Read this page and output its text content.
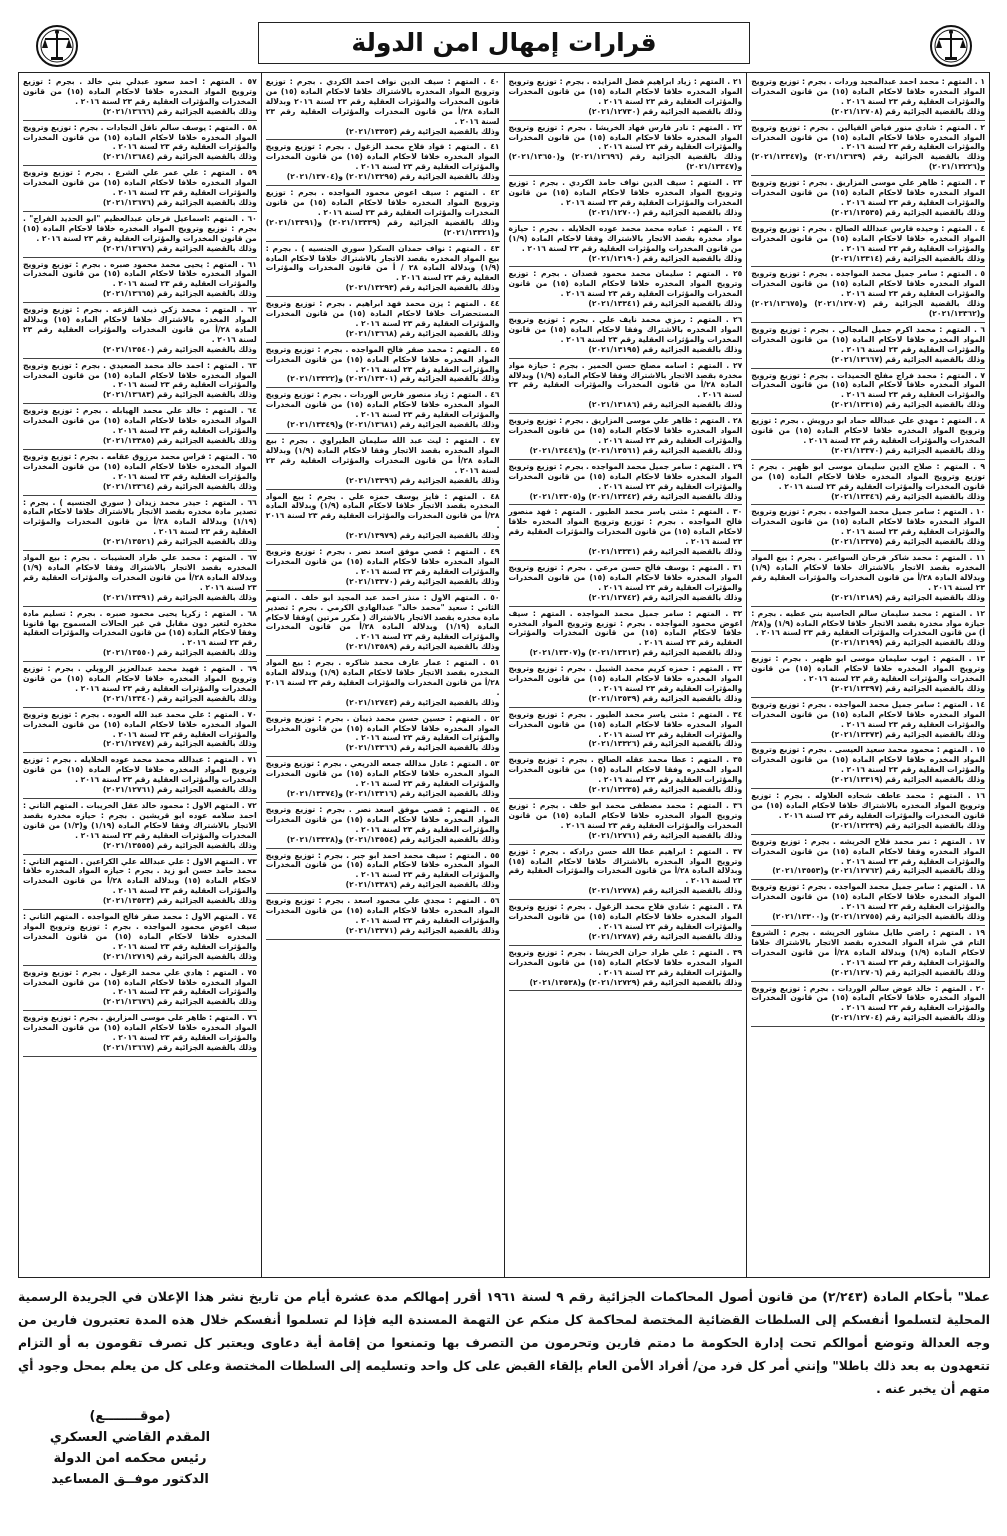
قرارات إمهال امن الدولة
١ . المتهم : محمد احمد عبدالمجيد وردات . بجرم : توزيع وترويج المواد المخدره خلافا لاحكام المادة (١٥) من قانون المخدرات والمؤثرات العقلية رقم ٢٣ لسنة ٢٠١٦ .
وذلك بالقضية الجزائية رقم (٢٠٢١/١٢٧٠٨)
٢ . المتهم : شادي منور فياض الفيالين . بجرم : توزيع وترويج المواد المخدره خلافا لاحكام المادة (١٥) من قانون المخدرات والمؤثرات العقلية رقم ٢٣ لسنة ٢٠١٦ .
وذلك بالقضية الجزائية رقم (٢٠٢١/١٣٦٣٩) و(٢٠٢١/١٣٣٤٧) و(٢٠٢١/١٣٢٢٦)
٣ . المتهم : ظاهر علي موسى المزاريق . بجرم : توزيع وترويج المواد المخدره خلافا لاحكام المادة (١٥) من قانون المخدرات والمؤثرات العقلية رقم ٢٣ لسنة ٢٠١٦ .
وذلك بالقضية الجزائية رقم (٢٠٢١/١٣٥٣٥)
٤ . المتهم : وحيده فارس عبدالله الصالح . بجرم : توزيع وترويج المواد المخدره خلافا لاحكام المادة (١٥) من قانون المخدرات والمؤثرات العقلية رقم ٢٣ لسنة ٢٠١٦ .
وذلك بالقضية الجزائية رقم (٢٠٢١/١٣٣١٤)
٥ . المتهم : سامر جميل محمد المواجده . بجرم : توزيع وترويج المواد المخدره خلافا لاحكام المادة (١٥) من قانون المخدرات والمؤثرات العقلية رقم ٢٣ لسنة ٢٠١٦ .
وذلك بالقضية الجزائية رقم (٢٠٢١/١٢٧٠٧) و(٢٠٢١/١٣٦٧٥) و(٢٠٢١/١٣٣٦٢)
٦ . المتهم : محمد اكرم جميل المجالي . بجرم : توزيع وترويج المواد المخدره خلافا لاحكام المادة (١٥) من قانون المخدرات والمؤثرات العقلية رقم ٢٣ لسنة ٢٠١٦ .
وذلك بالقضية الجزائية رقم (٢٠٢١/١٣٦٦٧)
٧ . المتهم : محمد فراج مفلح الحميدات . بجرم : توزيع وترويج المواد المخدره خلافا لاحكام المادة (١٥) من قانون المخدرات والمؤثرات العقلية رقم ٢٣ لسنة ٢٠١٦ .
وذلك بالقضية الجزائية رقم (٢٠٢١/١٣٣١٥)
٨ . المتهم : مهدي علي عبدالله حماد ابو درويش . بجرم : توزيع وترويج المواد المخدره خلافا لاحكام المادة (١٥) من قانون المخدرات والمؤثرات العقلية رقم ٢٣ لسنة ٢٠١٦ .
وذلك بالقضية الجزائية رقم (٢٠٢١/١٣٣٧٠)
٩ . المتهم : صلاح الدين سليمان موسى ابو ظهير . بجرم : توزيع وترويج المواد المخدره خلافا لاحكام المادة (١٥) من قانون المخدرات والمؤثرات العقلية رقم ٢٣ لسنة ٢٠١٦ .
وذلك بالقضية الجزائية رقم (٢٠٢١/١٣٣٤٦)
١٠ . المتهم : سامر جميل محمد المواجده . بجرم : توزيع وترويج المواد المخدره خلافا لاحكام المادة (١٥) من قانون المخدرات والمؤثرات العقلية رقم ٢٣ لسنة ٢٠١٦ .
وذلك بالقضية الجزائية رقم (٢٠٢١/١٣٣٧٥)
١١ . المتهم : محمد شاكر فرحان السواعير . بجرم : بيع المواد المخدره بقصد الاتجار بالاشتراك خلافا لاحكام المادة (١/٩) وبدلالة المادة ٢٨/أ من قانون المخدرات والمؤثرات العقلية رقم ٢٣ لسنة ٢٠١٦ .
وذلك بالقضية الجزائية رقم (٢٠٢١/١٣١٨٩)
١٢ . المتهم : محمد سليمان سالم الحاسية بني عطيه . بجرم : حيازة مواد مخدرة بقصد الاتجار خلافا لاحكام المادة (١/٩) و(٢٨/أ) من قانون المخدرات والمؤثرات العقلية رقم ٢٣ لسنة ٢٠١٦ .
وذلك بالقضية الجزائية رقم (٢٠٢١/١٣١٩٩)
١٣ . المتهم : ايوب سليمان موسى ابو ظهير . بجرم : توزيع وترويج المواد المخدره خلافا لاحكام المادة (١٥) من قانون المخدرات والمؤثرات العقلية رقم ٢٣ لسنة ٢٠١٦ .
وذلك بالقضية الجزائية رقم (٢٠٢١/١٣٣٩٧)
١٤ . المتهم : سامر جميل محمد المواجده . بجرم : توزيع وترويج المواد المخدره خلافا لاحكام المادة (١٥) من قانون المخدرات والمؤثرات العقلية رقم ٢٣ لسنة ٢٠١٦ .
وذلك بالقضية الجزائية رقم (٢٠٢١/١٣٣٧٣)
١٥ . المتهم : محمود محمد سعيد العيسى . بجرم : توزيع وترويج المواد المخدره خلافا لاحكام المادة (١٥) من قانون المخدرات والمؤثرات العقلية رقم ٢٣ لسنة ٢٠١٦ .
وذلك بالقضية الجزائية رقم (٢٠٢١/١٣٣١٩)
١٦ . المتهم : محمد عاطف شحاده العلاوله . بجرم : توزيع وترويج المواد المخدره بالاشتراك خلافا لاحكام المادة (١٥) من قانون المخدرات والمؤثرات العقلية رقم ٢٣ لسنة ٢٠١٦ .
وذلك بالقضية الجزائية رقم (٢٠٢١/١٣٢٣٩)
١٧ . المتهم : نمر محمد فلاح الخريشه . بجرم : توزيع وترويج المواد المخدره وفقا لاحكام المادة (١٥) من قانون المخدرات والمؤثرات العقلية رقم ٢٣ لسنة ٢٠١٦ .
وذلك بالقضية الجزائية رقم (٢٠٢١/١٢٧٦٢) و(٢٠٢١/١٣٥٥٣)
١٨ . المتهم : سامر جميل محمد المواجده . بجرم : توزيع وترويج المواد المخدره خلافا لاحكام المادة (١٥) من قانون المخدرات والمؤثرات العقلية رقم ٢٣ لسنة ٢٠١٦ .
وذلك بالقضية الجزائية رقم (٢٠٢١/١٢٧٥٥) و(٢٠٢١/١٣٣٠٠)
١٩ . المتهم : راضي طايل مشاور الخريشه . بجرم : الشروع التام في شراء المواد المخدره بقصد الاتجار بالاشتراك خلافا لاحكام المادة (١/٩) وبدلالة المادة ٢٨/أ من قانون المخدرات والمؤثرات العقلية رقم ٢٣ لسنة ٢٠١٦ .
وذلك بالقضية الجزائية رقم (٢٠٢١/١٢٧٠٦)
٢٠ . المتهم : خالد عوض سالم الوردات . بجرم : توزيع وترويج المواد المخدره خلافا لاحكام المادة (١٥) من قانون المخدرات والمؤثرات العقلية رقم ٢٣ لسنة ٢٠١٦ .
وذلك بالقضية الجزائية رقم (٢٠٢١/١٢٧٠٤)
٢١ . المتهم : زياد ابراهيم فضل المزايده . بجرم : توزيع وترويج المواد المخدره خلافا لاحكام المادة (١٥) من قانون المخدرات والمؤثرات العقلية رقم ٢٣ لسنة ٢٠١٦ .
وذلك بالقضية الجزائية رقم (٢٠٢١/١٢٧٣٠)
٢٢ . المتهم : نادر فارس فهاد الخريشا . بجرم : توزيع وترويج المواد المخدره خلافا لاحكام المادة (١٥) من قانون المخدرات والمؤثرات العقلية رقم ٢٣ لسنة ٢٠١٦ .
وذلك بالقضية الجزائية رقم (٢٠٢١/١٢٦٩٦) و(٢٠٢١/١٣٦٥٠) و(٢٠٢١/١٣٣٤٧)
٢٣ . المتهم : سيف الدين نواف حامد الكردي . بجرم : توزيع وترويج المواد المخدره خلافا لاحكام المادة (١٥) من قانون المخدرات والمؤثرات العقلية رقم ٢٣ لسنة ٢٠١٦ .
وذلك بالقضية الجزائية رقم (٢٠٢١/١٢٧٠٠)
٢٤ . المتهم : عباده محمد محمد عوده الخلايله . بجرم : حيازة مواد مخدرة بقصد الاتجار بالاشتراك وفقا لاحكام المادة (١/٩) من قانون المخدرات والمؤثرات العقلية رقم ٢٣ لسنة ٢٠١٦ .
وذلك بالقضية الجزائية رقم (٢٠٢١/١٣١٩٠)
٢٥ . المتهم : سليمان محمد محمود قصدان . بجرم : توزيع وترويج المواد المخدره خلافا لاحكام المادة (١٥) من قانون المخدرات والمؤثرات العقلية رقم ٢٣ لسنة ٢٠١٦ .
وذلك بالقضية الجزائية رقم (٢٠٢١/١٣٣٤١)
٢٦ . المتهم : رمزي محمد نايف علي . بجرم : توزيع وترويج المواد المخدره بالاشتراك وفقا لاحكام المادة (١٥) من قانون المخدرات والمؤثرات العقلية رقم ٢٣ لسنة ٢٠١٦ .
وذلك بالقضية الجزائية رقم (٢٠٢١/١٣١٩٥)
٢٧ . المتهم : اسامه مصلح حسن الحمير . بجرم : حيازة مواد مخدرة بقصد الاتجار بالاشتراك وفقا لاحكام المادة (١/٩) وبدلالة المادة ٢٨/أ من قانون المخدرات والمؤثرات العقلية رقم ٢٣ لسنة ٢٠١٦ .
وذلك بالقضية الجزائية رقم (٢٠٢١/١٣١٨٦)
٢٨ . المتهم : ظاهر علي موسى المزاريق . بجرم : توزيع وترويج المواد المخدره خلافا لاحكام المادة (١٥) من قانون المخدرات والمؤثرات العقلية رقم ٢٣ لسنة ٢٠١٦ .
وذلك بالقضية الجزائية رقم (٢٠٢١/١٣٥٦١) و(٢٠٢١/١٣٤٤٦)
٢٩ . المتهم : سامر جميل محمد المواجده . بجرم : توزيع وترويج المواد المخدره خلافا لاحكام المادة (١٥) من قانون المخدرات والمؤثرات العقلية رقم ٢٣ لسنة ٢٠١٦ .
وذلك بالقضية الجزائية رقم (٢٠٢١/١٣٣٤٢) و(٢٠٢١/١٣٣٠٥)
٣٠ . المتهم : مثنى ياسر محمد الطيور . المتهم : فهد منصور فالح المواجده . بجرم : توزيع وترويج المواد المخدره خلافا لاحكام المادة (١٥) من قانون المخدرات والمؤثرات العقلية رقم ٢٣ لسنة ٢٠١٦ .
وذلك بالقضية الجزائية رقم (٢٠٢١/١٣٣٣١)
٣١ . المتهم : يوسف فالح حسن مرعي . بجرم : توزيع وترويج المواد المخدره خلافا لاحكام المادة (١٥) من قانون المخدرات والمؤثرات العقلية رقم ٢٣ لسنة ٢٠١٦ .
وذلك بالقضية الجزائية رقم (٢٠٢١/١٣٧٤٢)
٣٢ . المتهم : سامر جميل محمد المواجده . المتهم : سيف اعوض محمود المواجده . بجرم : توزيع وترويج المواد المخدره خلافا لاحكام المادة (١٥) من قانون المخدرات والمؤثرات العقلية رقم ٢٣ لسنة ٢٠١٦ .
وذلك بالقضية الجزائية رقم (٢٠٢١/١٣٣١٣) و(٢٠٢١/١٣٣٠٧)
٣٣ . المتهم : حمزه كريم محمد الشبيل . بجرم : توزيع وترويج المواد المخدره خلافا لاحكام المادة (١٥) من قانون المخدرات والمؤثرات العقلية رقم ٢٣ لسنة ٢٠١٦ .
وذلك بالقضية الجزائية رقم (٢٠٢١/١٣٥٣٩)
٣٤ . المتهم : مثنى ياسر محمد الطيور . بجرم : توزيع وترويج المواد المخدره خلافا لاحكام المادة (١٥) من قانون المخدرات والمؤثرات العقلية رقم ٢٣ لسنة ٢٠١٦ .
وذلك بالقضية الجزائية رقم (٢٠٢١/١٣٣٢٦)
٣٥ . المتهم : عطا محمد عقله الصالح . بجرم : توزيع وترويج المواد المخدره وفقا لاحكام المادة (١٥) من قانون المخدرات والمؤثرات العقلية رقم ٢٣ لسنة ٢٠١٦ .
وذلك بالقضية الجزائية رقم (٢٠٢١/١٣٢٣٥)
٣٦ . المتهم : محمد مصطفى محمد ابو خلف . بجرم : توزيع وترويج المواد المخدره خلافا لاحكام المادة (١٥) من قانون المخدرات والمؤثرات العقلية رقم ٢٣ لسنة ٢٠١٦ .
وذلك بالقضية الجزائية رقم (٢٠٢١/١٢٧٦١)
٣٧ . المتهم : ابراهيم عطا الله حسن درادكه . بجرم : توزيع وترويج المواد المخدره بالاشتراك خلافا لاحكام المادة (١٥) وبدلالة المادة ٢٨/أ من قانون المخدرات والمؤثرات العقلية رقم ٢٣ لسنة ٢٠١٦ .
وذلك بالقضية الجزائية رقم (٢٠٢١/١٢٧٧٨)
٣٨ . المتهم : شادي فلاح محمد الزغول . بجرم : توزيع وترويج المواد المخدره خلافا لاحكام المادة (١٥) من قانون المخدرات والمؤثرات العقلية رقم ٢٣ لسنة ٢٠١٦ .
وذلك بالقضية الجزائية رقم (٢٠٢١/١٢٧٨٧)
٣٩ . المتهم : علي طراد حران الخريشا . بجرم : توزيع وترويج المواد المخدره خلافا لاحكام المادة (١٥) من قانون المخدرات والمؤثرات العقلية رقم ٢٣ لسنة ٢٠١٦ .
وذلك بالقضية الجزائية رقم (٢٠٢١/١٢٧٢٩) و(٢٠٢١/١٣٥٣٨)
٤٠ . المتهم : سيف الدين نواف احمد الكردي . بجرم : توزيع وترويج المواد المخدره بالاشتراك خلافا لاحكام المادة (١٥) من قانون المخدرات والمؤثرات العقلية رقم ٢٣ لسنة ٢٠١٦ وبدلالة المادة ٢٨/أ من قانون المخدرات والمؤثرات العقلية رقم ٢٣ لسنة ٢٠١٦ .
وذلك بالقضية الجزائية رقم (٢٠٢١/١٣٣٥٣)
٤١ . المتهم : فواد فلاح محمد الزغول . بجرم : توزيع وترويج المواد المخدره خلافا لاحكام المادة (١٥) من قانون المخدرات والمؤثرات العقلية رقم ٢٣ لسنة ٢٠١٦ .
وذلك بالقضية الجزائية رقم (٢٠٢١/١٣٢٩٥) و(٢٠٢١/١٣٧٠٤)
٤٢ . المتهم : سيف اعوض محمود المواجده . بجرم : توزيع وترويج المواد المخدره خلافا لاحكام المادة (١٥) من قانون المخدرات والمؤثرات العقلية رقم ٢٣ لسنة ٢٠١٦ .
وذلك بالقضية الجزائية رقم (٢٠٢١/١٣٣٣٩) و(٢٠٢١/١٣٣٩١) و(٢٠٢١/١٣٣٢١)
٤٣ . المتهم : نواف حمدان السكر( سوري الجنسيه ) . بجرم : بيع المواد المخدره بقصد الاتجار بالاشتراك خلافا لاحكام المادة (١/٩) وبدلالة المادة ٢٨ / أ من قانون المخدرات والمؤثرات العقلية رقم ٢٣ لسنة ٢٠١٦ .
وذلك بالقضية الجزائية رقم (٢٠٢١/١٣٢٩٣)
٤٤ . المتهم : يزن محمد فهد ابراهيم . بجرم : توزيع وترويج المستحضرات خلافا لاحكام المادة (١٥) من قانون المخدرات والمؤثرات العقلية رقم ٢٣ لسنة ٢٠١٦ .
وذلك بالقضية الجزائية رقم (٢٠٢١/١٣٦٦٨)
٤٥ . المتهم : محمد صقر فالح المواجده . بجرم : توزيع وترويج المواد المخدره خلافا لاحكام المادة (١٥) من قانون المخدرات والمؤثرات العقلية رقم ٢٣ لسنة ٢٠١٦ .
وذلك بالقضية الجزائية رقم (٢٠٢١/١٣٣٠١) و(٢٠٢١/١٣٣٢٢)
٤٦ . المتهم : زياد منصور فارس الوردات . بجرم : توزيع وترويج المواد المخدره خلافا لاحكام المادة (١٥) من قانون المخدرات والمؤثرات العقلية رقم ٢٣ لسنة ٢٠١٦ .
وذلك بالقضية الجزائية رقم (٢٠٢١/١٣٦٨١) و(٢٠٢١/١٣٣٤٩)
٤٧ . المتهم : ليث عبد الله سليمان الطيراوي . بجرم : بيع المواد المخدره بقصد الاتجار وفقا لاحكام المادة (١/٩) وبدلالة المادة ٢٨/أ من قانون المخدرات والمؤثرات العقلية رقم ٢٣ لسنة ٢٠١٦ .
وذلك بالقضية الجزائية رقم (٢٠٢١/١٣٣٩٦)
٤٨ . المتهم : فايز يوسف حمزه علي . بجرم : بيع المواد المخدره بقصد الاتجار خلافا لاحكام المادة (١/٩) وبدلالة المادة ٢٨/أ من قانون المخدرات والمؤثرات العقلية رقم ٢٣ لسنة ٢٠١٦ .
وذلك بالقضية الجزائية رقم (٢٠٢١/١٣٩٧٩)
٤٩ . المتهم : قصي موفق اسعد نصر . بجرم : توزيع وترويج المواد المخدره خلافا لاحكام المادة (١٥) من قانون المخدرات والمؤثرات العقلية رقم ٢٣ لسنة ٢٠١٦ .
وذلك بالقضية الجزائية رقم (٢٠٢١/١٣٣٧٠)
٥٠ . المتهم الاول : منذر احمد عبد المجيد ابو خلف . المتهم الثاني : سعيد "محمد خالد" عبدالهادي الكرمي . بجرم : تصدير مادة مخدره بقصد الاتجار بالاشتراك ( مكرر مرتين )وفقا لاحكام المادة (١/١٩) وبدلالة المادة ٢٨/أ من قانون المخدرات والمؤثرات العقلية رقم ٢٣ لسنة ٢٠١٦ .
وذلك بالقضية الجزائية رقم (٢٠٢١/١٣٥٨٩)
٥١ . المتهم : عمار عارف محمد شاكره . بجرم : بيع المواد المخدره بقصد الاتجار خلافا لاحكام المادة (١/٩) وبدلالة المادة ٢٨/أ من قانون المخدرات والمؤثرات العقلية رقم ٢٣ لسنة ٢٠١٦ .
وذلك بالقضية الجزائية رقم (٢٠٢١/١٢٧٤٣)
٥٢ . المتهم : حسين حسن محمد ذيبان . بجرم : توزيع وترويج المواد المخدره خلافا لاحكام المادة (١٥) من قانون المخدرات والمؤثرات العقلية رقم ٢٣ لسنة ٢٠١٦ .
وذلك بالقضية الجزائية رقم (٢٠٢١/١٣٣٦٦)
٥٣ . المتهم : عادل مدالله جمعه الدريعي . بجرم : توزيع وترويج المواد المخدره خلافا لاحكام المادة (١٥) من قانون المخدرات والمؤثرات العقلية رقم ٢٣ لسنة ٢٠١٦ .
وذلك بالقضية الجزائية رقم (٢٠٢١/١٣٣١٦) و(٢٠٢١/١٣٣٧٤)
٥٤ . المتهم : قصي موفق اسعد نصر . بجرم : توزيع وترويج المواد المخدره خلافا لاحكام المادة (١٥) من قانون المخدرات والمؤثرات العقلية رقم ٢٣ لسنة ٢٠١٦ .
وذلك بالقضية الجزائية رقم (٢٠٢١/١٣٥٥٤) و(٢٠٢١/١٣٣٢٨)
٥٥ . المتهم : سيف محمد احمد ابو جبر . بجرم : توزيع وترويج المواد المخدره خلافا لاحكام المادة (١٥) من قانون المخدرات والمؤثرات العقلية رقم ٢٣ لسنة ٢٠١٦ .
وذلك بالقضية الجزائية رقم (٢٠٢١/١٣٣٨٦)
٥٦ . المتهم : مجدي علي محمود اسعد . بجرم : توزيع وترويج المواد المخدره خلافا لاحكام المادة (١٥) من قانون المخدرات والمؤثرات العقلية رقم ٢٣ لسنة ٢٠١٦ .
وذلك بالقضية الجزائية رقم (٢٠٢١/١٣٣٧١)
٥٧ . المتهم : احمد سعود عبدلي بني خالد . بجرم : توزيع وترويج المواد المخدره خلافا لاحكام المادة (١٥) من قانون المخدرات والمؤثرات العقلية رقم ٢٣ لسنة ٢٠١٦ .
وذلك بالقضية الجزائية رقم (٢٠٢١/١٣٦٦٦)
٥٨ . المتهم : يوسف سالم نافل النجادات . بجرم : توزيع وترويج المواد المخدره خلافا لاحكام المادة (١٥) من قانون المخدرات والمؤثرات العقلية رقم ٢٣ لسنة ٢٠١٦ .
وذلك بالقضية الجزائية رقم (٢٠٢١/١٣٦٨٤)
٥٩ . المتهم : علي عمر علي الشرع . بجرم : توزيع وترويج المواد المخدره خلافا لاحكام المادة (١٥) من قانون المخدرات والمؤثرات العقلية رقم ٢٣ لسنة ٢٠١٦ .
وذلك بالقضية الجزائية رقم (٢٠٢١/١٣٦٧٦)
٦٠ . المتهم :اسماعيل فرحان عبدالعظيم "ابو الحديد الفراج" . بجرم : توزيع وترويج المواد المخدره خلافا لاحكام المادة (١٥) من قانون المخدرات والمؤثرات العقلية رقم ٢٣ لسنة ٢٠١٦ .
وذلك بالقضية الجزائية رقم (٢٠٢١/١٣٦٧٦)
٦١ . المتهم : يحيى محمد محمود صبره . بجرم : توزيع وترويج المواد المخدره خلافا لاحكام المادة (١٥) من قانون المخدرات والمؤثرات العقلية رقم ٢٣ لسنة ٢٠١٦ .
وذلك بالقضية الجزائية رقم (٢٠٢١/١٣٦٦٥)
٦٢ . المتهم : محمد زكي ذيب القزعه . بجرم : توزيع وترويج المواد المخدره بالاشتراك خلافا لاحكام المادة (١٥) وبدلالة المادة ٢٨/أ من قانون المخدرات والمؤثرات العقلية رقم ٢٣ لسنة ٢٠١٦ .
وذلك بالقضية الجزائية رقم (٢٠٢١/١٣٥٤٠)
٦٣ . المتهم : احمد خالد محمد الصعيدي . بجرم : توزيع وترويج المواد المخدره خلافا لاحكام المادة (١٥) من قانون المخدرات والمؤثرات العقلية رقم ٢٣ لسنة ٢٠١٦ .
وذلك بالقضية الجزائية رقم (٢٠٢١/١٣٦٨٣)
٦٤ . المتهم : خالد علي محمد الهيابله . بجرم : توزيع وترويج المواد المخدره خلافا لاحكام المادة (١٥) من قانون المخدرات والمؤثرات العقلية رقم ٢٣ لسنة ٢٠١٦ .
وذلك بالقضية الجزائية رقم (٢٠٢١/١٣٣٨٥)
٦٥ . المتهم : فراس محمد مرزوق عقامه . بجرم : توزيع وترويج المواد المخدره خلافا لاحكام المادة (١٥) من قانون المخدرات والمؤثرات العقلية رقم ٢٣ لسنة ٢٠١٦ .
وذلك بالقضية الجزائية رقم (٢٠٢١/١٣٣٦٤)
٦٦ . المتهم : حيدر محمد زيدان ( سوري الجنسيه ) . بجرم : تصدير مادة مخدره بقصد الاتجار بالاشتراك خلافا لاحكام المادة (١/١٩) وبدلالة المادة ٢٨/أ من قانون المخدرات والمؤثرات العقلية رقم ٢٣ لسنة ٢٠١٦ .
وذلك بالقضية الجزائية رقم (٢٠٢١/١٣٥٢١)
٦٧ . المتهم : محمد علي طراد العشيبات . بجرم : بيع المواد المخدره بقصد الاتجار بالاشتراك وفقا لاحكام المادة (١/٩) وبدلالة المادة ٢٨/أ من قانون المخدرات والمؤثرات العقلية رقم ٢٣ لسنة ٢٠١٦ .
وذلك بالقضية الجزائية رقم (٢٠٢١/١٣٣٩١)
٦٨ . المتهم : زكريا يحيى محمود صبره . بجرم : تسليم مادة مخدره لتغير دون مقابل في غير الحالات المسموح بها قانونا وفقا لاحكام المادة (١٥) من قانون المخدرات والمؤثرات العقلية رقم ٢٣ لسنة ٢٠١٦ .
وذلك بالقضية الجزائية رقم (٢٠٢١/١٣٥٥٠)
٦٩ . المتهم : فهيد محمد عبدالعزيز الرويلي . بجرم : توزيع وترويج المواد المخدره خلافا لاحكام المادة (١٥) من قانون المخدرات والمؤثرات العقلية رقم ٢٣ لسنة ٢٠١٦ .
وذلك بالقضية الجزائية رقم (٢٠٢١/١٣٣٤٠)
٧٠ . المتهم : علي محمد عبد الله العوده . بجرم : توزيع وترويج المواد المخدره خلافا لاحكام المادة (١٥) من قانون المخدرات والمؤثرات العقلية رقم ٢٣ لسنة ٢٠١٦ .
وذلك بالقضية الجزائية رقم (٢٠٢١/١٢٧٤٧)
٧١ . المتهم : عبدالله محمد محمد عوده الخلايله . بجرم : توزيع وترويج المواد المخدره خلافا لاحكام المادة (١٥) من قانون المخدرات والمؤثرات العقلية رقم ٢٣ لسنة ٢٠١٦ .
وذلك بالقضية الجزائية رقم (٢٠٢١/١٢٧٦١)
٧٢ . المتهم الاول : محمود خالد عقل الخريبات . المتهم الثاني : احمد سلامه عوده ابو قريشين . بجرم : حيازه مخدرة بقصد الاتجار بالاشتراك وفقا لاحكام المادة (١/١٩) و(١/٣) من قانون المخدرات والمؤثرات العقلية رقم ٢٣ لسنة ٢٠١٦ .
وذلك بالقضية الجزائية رقم (٢٠٢١/١٣٥٥٥)
٧٣ . المتهم الاول : علي عبدالله علي الكراعين . المتهم الثاني : محمد حامد حسن ابو زيد . بجرم : حيازه المواد المخدره خلافا لاحكام المادة (١٥) وبدلالة المادة ٢٨/أ من قانون المخدرات والمؤثرات العقلية رقم ٢٣ لسنة ٢٠١٦ .
وذلك بالقضية الجزائية رقم (٢٠٢١/١٣٥٣٣)
٧٤ . المتهم الاول : محمد صقر فالح المواجده . المتهم الثاني : سيف اعوض محمود المواجده . بجرم : توزيع وترويج المواد المخدره خلافا لاحكام المادة (١٥) من قانون المخدرات والمؤثرات العقلية رقم ٢٣ لسنة ٢٠١٦ .
وذلك بالقضية الجزائية رقم (٢٠٢١/١٢٧١٩)
٧٥ . المتهم : هادي علي محمد الزغول . بجرم : توزيع وترويج المواد المخدره خلافا لاحكام المادة (١٥) من قانون المخدرات والمؤثرات العقلية رقم ٢٣ لسنة ٢٠١٦ .
وذلك بالقضية الجزائية رقم (٢٠٢١/١٣٦٧٦)
٧٦ . المتهم : ظاهر علي موسى المزاريق . بجرم : توزيع وترويج المواد المخدره خلافا لاحكام المادة (١٥) من قانون المخدرات والمؤثرات العقلية رقم ٢٣ لسنة ٢٠١٦ .
وذلك بالقضية الجزائية رقم (٢٠٢١/١٣٦٦٧)
عملا" بأحكام المادة (٢/٢٤٣) من قانون أصول المحاكمات الجزائية رقم ٩ لسنة ١٩٦١ أقرر إمهالكم مدة عشرة أيام من تاريخ نشر هذا الإعلان في الجريدة الرسمية المحلية لتسلموا أنفسكم إلى السلطات القضائية المختصة لمحاكمة كل منكم عن التهمة المسندة اليه فإذا لم تسلموا أنفسكم خلال هذه المدة تعتبرون فارين من وجه العدالة وتوضع أموالكم تحت إدارة الحكومة ما دمتم فارين وتحرمون من التصرف بها وتمنعوا من إقامة أية دعاوى ويعتبر كل تصرف تقومون به أو التزام تتعهدون به بعد ذلك باطلا" وإنني أمر كل فرد من/ أفراد الأمن العام بإلقاء القبض على كل واحد وتسليمه إلى السلطات المختصة وعلى كل من يعلم بمحل وجود أي متهم أن يخبر عنه .
(موقــــــــع)
المقدم القاضي العسكري
رئيس محكمه امن الدولة
الدكتور موفــق المساعيد
